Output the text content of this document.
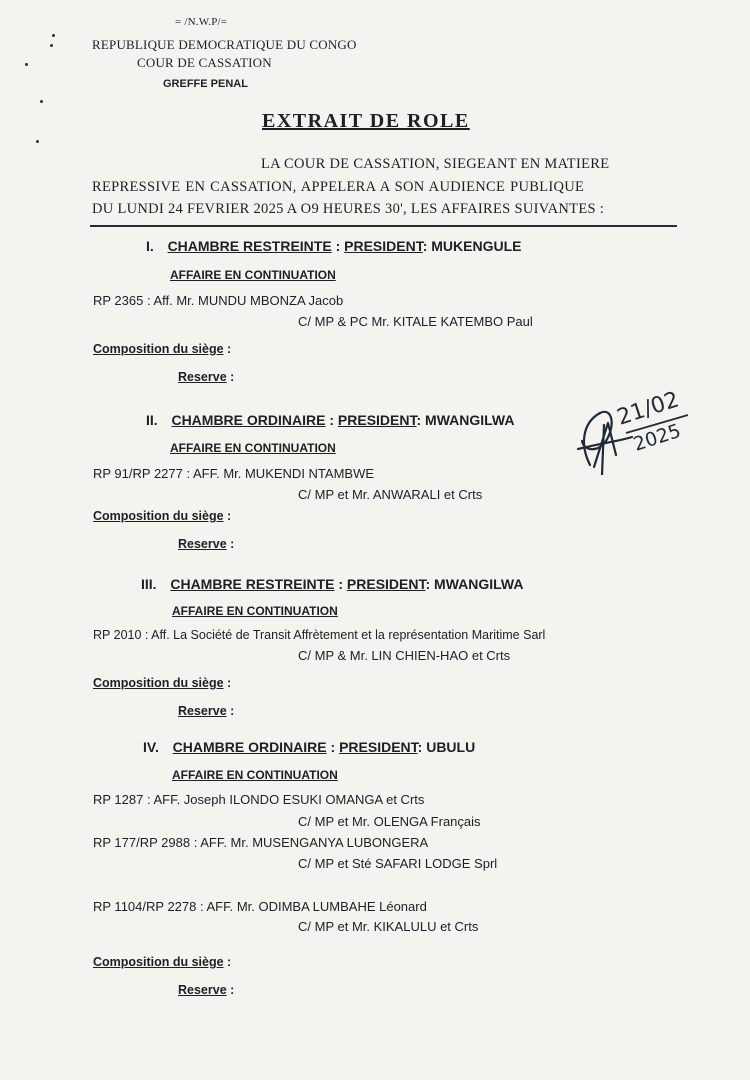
= /N.W.P/=
REPUBLIQUE DEMOCRATIQUE DU CONGO
COUR DE CASSATION
GREFFE PENAL
EXTRAIT DE ROLE
LA COUR DE CASSATION, SIEGEANT EN MATIERE
REPRESSIVE EN CASSATION, APPELERA A SON AUDIENCE PUBLIQUE
DU LUNDI 24 FEVRIER 2025 A O9 HEURES 30', LES AFFAIRES SUIVANTES :
I. CHAMBRE RESTREINTE : PRESIDENT: MUKENGULE
AFFAIRE EN CONTINUATION
RP 2365 : Aff. Mr. MUNDU MBONZA Jacob
C/ MP & PC Mr. KITALE KATEMBO Paul
Composition du siège :
Reserve :
II. CHAMBRE ORDINAIRE : PRESIDENT: MWANGILWA
AFFAIRE EN CONTINUATION
RP 91/RP 2277 : AFF. Mr. MUKENDI NTAMBWE
C/ MP et Mr. ANWARALI et Crts
Composition du siège :
Reserve :
21/02
2025
III. CHAMBRE RESTREINTE : PRESIDENT: MWANGILWA
AFFAIRE EN CONTINUATION
RP 2010 : Aff. La Société de Transit Affrètement et la représentation Maritime Sarl
C/ MP & Mr. LIN CHIEN-HAO et Crts
Composition du siège :
Reserve :
IV. CHAMBRE ORDINAIRE : PRESIDENT: UBULU
AFFAIRE EN CONTINUATION
RP 1287 : AFF. Joseph ILONDO ESUKI OMANGA et Crts
C/ MP et Mr. OLENGA Français
RP 177/RP 2988 : AFF. Mr. MUSENGANYA LUBONGERA
C/ MP et Sté SAFARI LODGE Sprl
RP 1104/RP 2278 : AFF. Mr. ODIMBA LUMBAHE Léonard
C/ MP et Mr. KIKALULU et Crts
Composition du siège :
Reserve :
